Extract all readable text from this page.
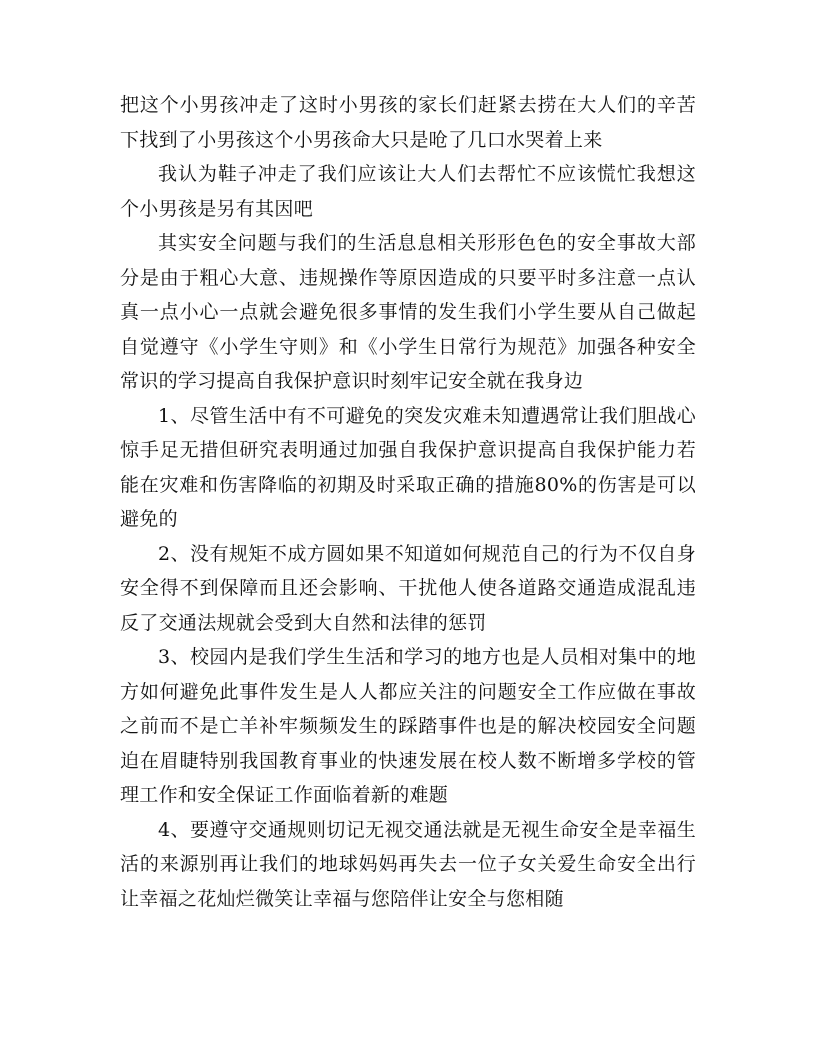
把这个小男孩冲走了这时小男孩的家长们赶紧去捞在大人们的辛苦下找到了小男孩这个小男孩命大只是呛了几口水哭着上来

我认为鞋子冲走了我们应该让大人们去帮忙不应该慌忙我想这个小男孩是另有其因吧

其实安全问题与我们的生活息息相关形形色色的安全事故大部分是由于粗心大意、违规操作等原因造成的只要平时多注意一点认真一点小心一点就会避免很多事情的发生我们小学生要从自己做起自觉遵守《小学生守则》和《小学生日常行为规范》加强各种安全常识的学习提高自我保护意识时刻牢记安全就在我身边

1、尽管生活中有不可避免的突发灾难未知遭遇常让我们胆战心惊手足无措但研究表明通过加强自我保护意识提高自我保护能力若能在灾难和伤害降临的初期及时采取正确的措施80%的伤害是可以避免的

2、没有规矩不成方圆如果不知道如何规范自己的行为不仅自身安全得不到保障而且还会影响、干扰他人使各道路交通造成混乱违反了交通法规就会受到大自然和法律的惩罚

3、校园内是我们学生生活和学习的地方也是人员相对集中的地方如何避免此事件发生是人人都应关注的问题安全工作应做在事故之前而不是亡羊补牢频频发生的踩踏事件也是的解决校园安全问题迫在眉睫特别我国教育事业的快速发展在校人数不断增多学校的管理工作和安全保证工作面临着新的难题

4、要遵守交通规则切记无视交通法就是无视生命安全是幸福生活的来源别再让我们的地球妈妈再失去一位子女关爱生命安全出行让幸福之花灿烂微笑让幸福与您陪伴让安全与您相随
